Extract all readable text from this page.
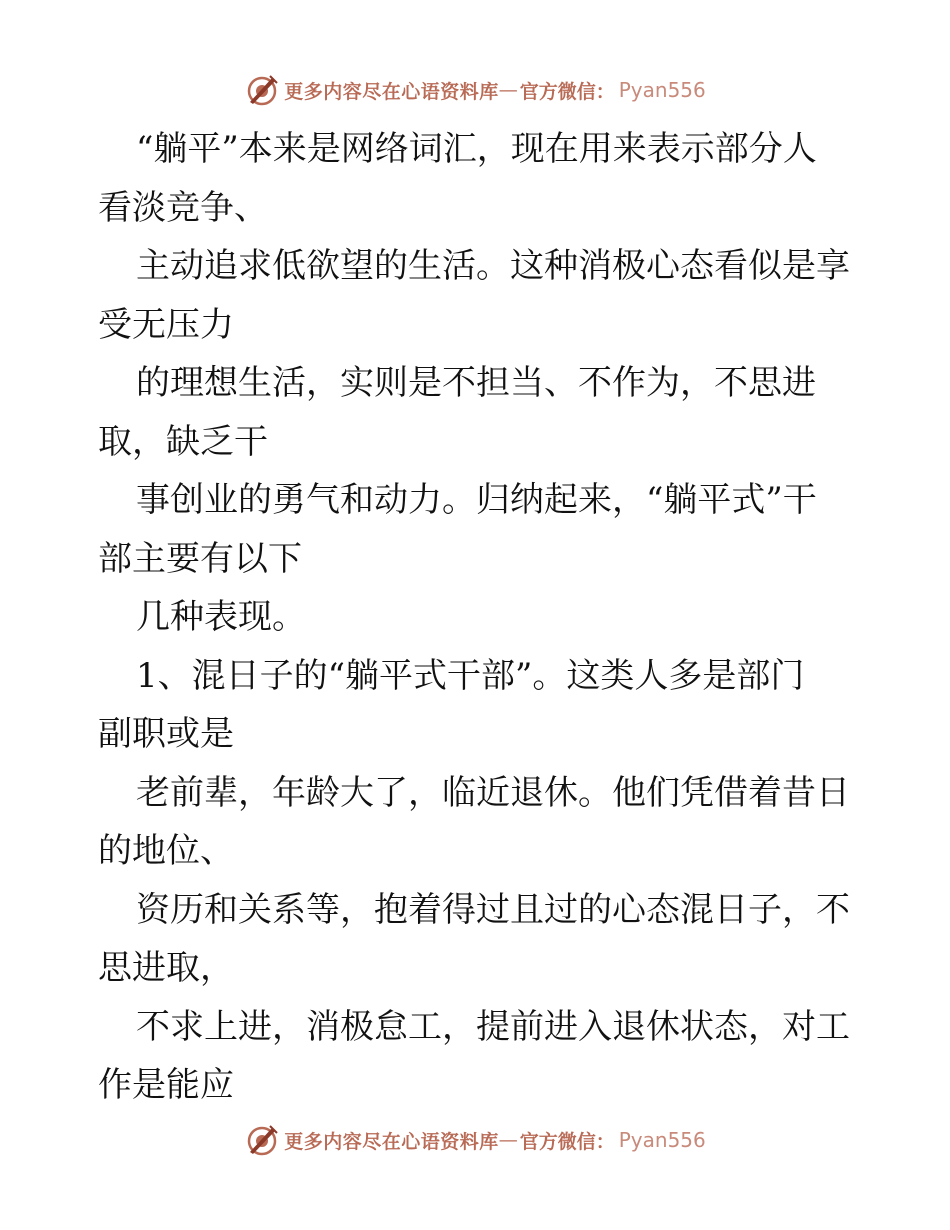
更多内容尽在心语资料库 — 官方微信： Pyan556
“躺平”本来是网络词汇，现在用来表示部分人
看淡竞争、
主动追求低欲望的生活。这种消极心态看似是享
受无压力
的理想生活，实则是不担当、不作为，不思进
取，缺乏干
事创业的勇气和动力。归纳起来，“躺平式”干
部主要有以下
几种表现。
1、混日子的“躺平式干部”。这类人多是部门
副职或是
老前辈，年龄大了，临近退休。他们凭借着昔日
的地位、
资历和关系等，抱着得过且过的心态混日子，不
思进取，
不求上进，消极怠工，提前进入退休状态，对工
作是能应
更多内容尽在心语资料库 — 官方微信： Pyan556
